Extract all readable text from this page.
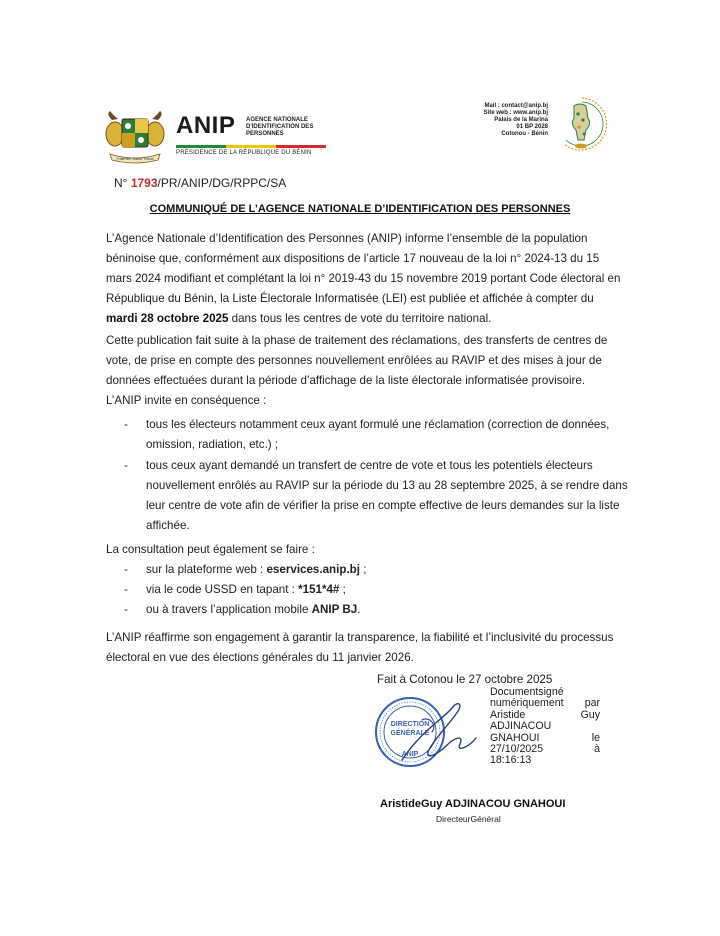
Fraternité Justice Travail
ANIP AGENCE NATIONALE
D'IDENTIFICATION DES
PERSONNES
PRÉSIDENCE DE LA RÉPUBLIQUE DU BÉNIN
Mail : contact@anip.bj
Site web : www.anip.bj
Palais de la Marina
01 BP 2028
Cotonou - Bénin
N° 1793/PR/ANIP/DG/RPPC/SA
COMMUNIQUÉ DE L’AGENCE NATIONALE D’IDENTIFICATION DES PERSONNES
L’Agence Nationale d’Identification des Personnes (ANIP) informe l’ensemble de la population béninoise que, conformément aux dispositions de l’article 17 nouveau de la loi n° 2024-13 du 15 mars 2024 modifiant et complétant la loi n° 2019-43 du 15 novembre 2019 portant Code électoral en République du Bénin, la Liste Électorale Informatisée (LEI) est publiée et affichée à compter du mardi 28 octobre 2025 dans tous les centres de vote du territoire national.
Cette publication fait suite à la phase de traitement des réclamations, des transferts de centres de vote, de prise en compte des personnes nouvellement enrôlées au RAVIP et des mises à jour de données effectuées durant la période d’affichage de la liste électorale informatisée provisoire.
L’ANIP invite en conséquence :
- tous les électeurs notamment ceux ayant formulé une réclamation (correction de données, omission, radiation, etc.) ;
- tous ceux ayant demandé un transfert de centre de vote et tous les potentiels électeurs nouvellement enrôlés au RAVIP sur la période du 13 au 28 septembre 2025, à se rendre dans leur centre de vote afin de vérifier la prise en compte effective de leurs demandes sur la liste affichée.
La consultation peut également se faire :
- sur la plateforme web : eservices.anip.bj ;
- via le code USSD en tapant : *151*4# ;
- ou à travers l’application mobile ANIP BJ.
L’ANIP réaffirme son engagement à garantir la transparence, la fiabilité et l’inclusivité du processus électoral en vue des élections générales du 11 janvier 2026.
Fait à Cotonou le 27 octobre 2025
DIRECTION
GÉNÉRALE
ANIP
Documentsigné
numériquement par
Aristide	Guy
ADJINACOU
GNAHOUI	le
27/10/2025	à
18:16:13
AristideGuy ADJINACOU GNAHOUI
DirecteurGénéral
